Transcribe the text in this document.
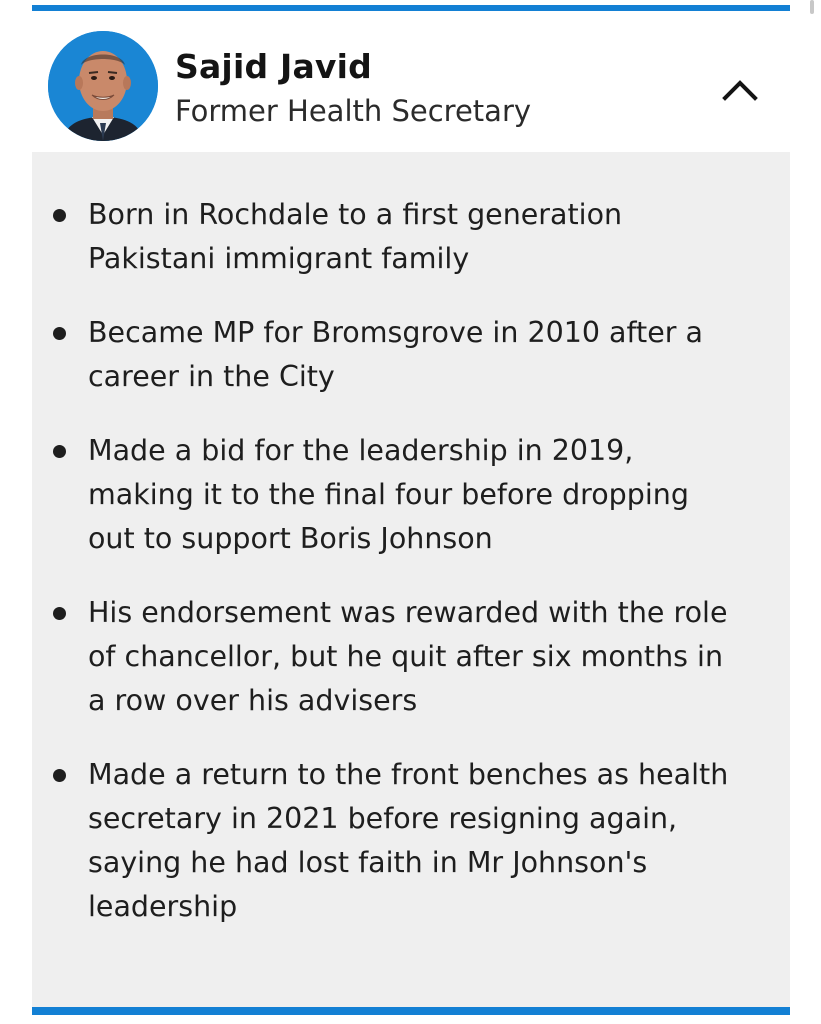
Sajid Javid
Former Health Secretary
Born in Rochdale to a first generation Pakistani immigrant family
Became MP for Bromsgrove in 2010 after a career in the City
Made a bid for the leadership in 2019, making it to the final four before dropping out to support Boris Johnson
His endorsement was rewarded with the role of chancellor, but he quit after six months in a row over his advisers
Made a return to the front benches as health secretary in 2021 before resigning again, saying he had lost faith in Mr Johnson's leadership
